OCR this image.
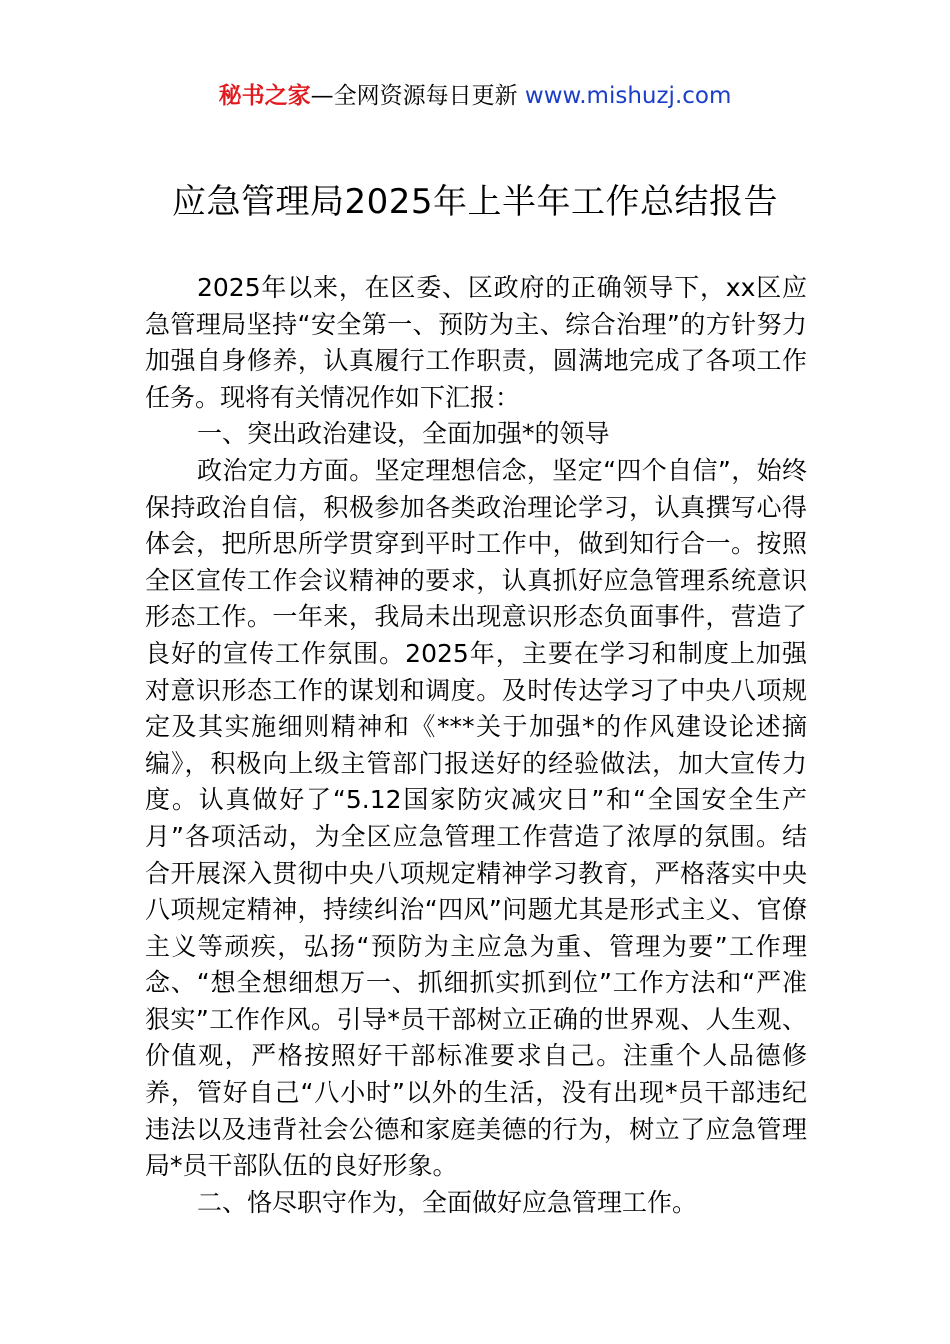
秘书之家—全网资源每日更新 www.mishuzj.com
应急管理局2025年上半年工作总结报告

2025年以来，在区委、区政府的正确领导下，xx区应急管理局坚持“安全第一、预防为主、综合治理”的方针努力加强自身修养，认真履行工作职责，圆满地完成了各项工作任务。现将有关情况作如下汇报：

一、突出政治建设，全面加强*的领导

政治定力方面。坚定理想信念，坚定“四个自信”，始终保持政治自信，积极参加各类政治理论学习，认真撰写心得体会，把所思所学贯穿到平时工作中，做到知行合一。按照全区宣传工作会议精神的要求，认真抓好应急管理系统意识形态工作。一年来，我局未出现意识形态负面事件，营造了良好的宣传工作氛围。2025年，主要在学习和制度上加强对意识形态工作的谋划和调度。及时传达学习了中央八项规定及其实施细则精神和《***关于加强*的作风建设论述摘编》，积极向上级主管部门报送好的经验做法，加大宣传力度。认真做好了“5.12国家防灾减灾日”和“全国安全生产月”各项活动，为全区应急管理工作营造了浓厚的氛围。结合开展深入贯彻中央八项规定精神学习教育，严格落实中央八项规定精神，持续纠治“四风”问题尤其是形式主义、官僚主义等顽疾，弘扬“预防为主应急为重、管理为要”工作理念、“想全想细想万一、抓细抓实抓到位”工作方法和“严准狠实”工作作风。引导*员干部树立正确的世界观、人生观、价值观，严格按照好干部标准要求自己。注重个人品德修养，管好自己“八小时”以外的生活，没有出现*员干部违纪违法以及违背社会公德和家庭美德的行为，树立了应急管理局*员干部队伍的良好形象。

二、恪尽职守作为，全面做好应急管理工作。
